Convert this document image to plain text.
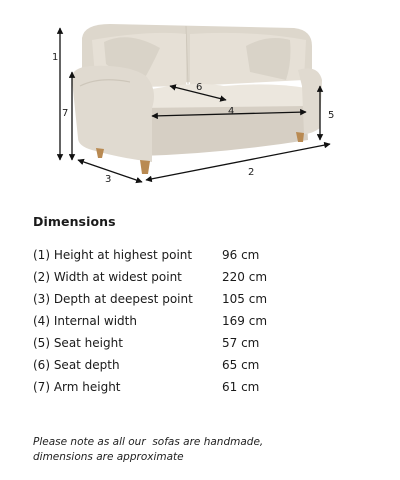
1
7
3
2
4	5
6
Dimensions
(1) Height at highest point	96 cm
(2) Width at widest point	220 cm
(3) Depth at deepest point	105 cm
(4) Internal width	169 cm
(5) Seat height	57 cm
(6) Seat depth	65 cm
(7) Arm height	61 cm
Please note as all our  sofas are handmade,
dimensions are approximate
